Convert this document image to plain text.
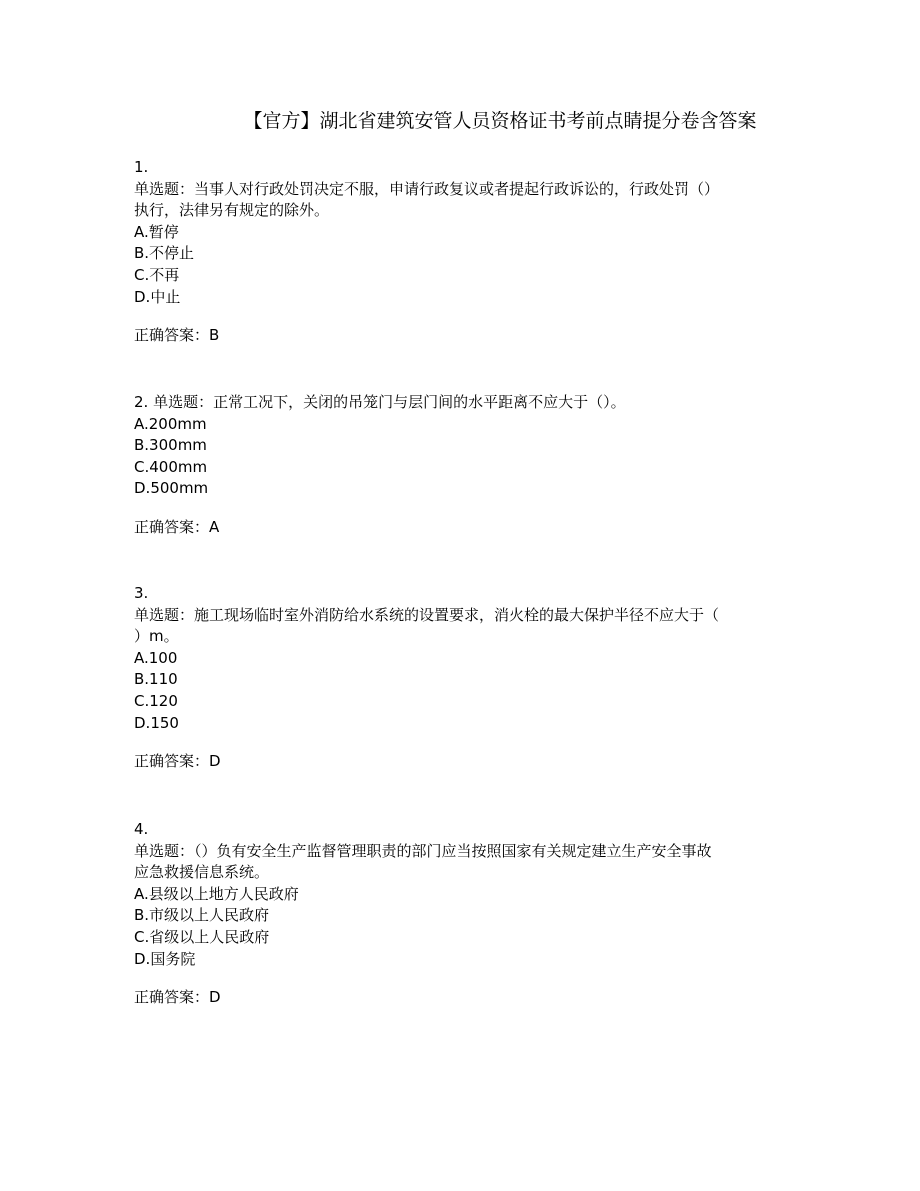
【官方】湖北省建筑安管人员资格证书考前点睛提分卷含答案
1.
单选题：当事人对行政处罚决定不服，申请行政复议或者提起行政诉讼的，行政处罚（）
执行，法律另有规定的除外。
A.暂停
B.不停止
C.不再
D.中止
正确答案：B
2. 单选题：正常工况下，关闭的吊笼门与层门间的水平距离不应大于（）。
A.200mm
B.300mm
C.400mm
D.500mm
正确答案：A
3.
单选题：施工现场临时室外消防给水系统的设置要求，消火栓的最大保护半径不应大于（
）m。
A.100
B.110
C.120
D.150
正确答案：D
4.
单选题：（）负有安全生产监督管理职责的部门应当按照国家有关规定建立生产安全事故
应急救援信息系统。
A.县级以上地方人民政府
B.市级以上人民政府
C.省级以上人民政府
D.国务院
正确答案：D
